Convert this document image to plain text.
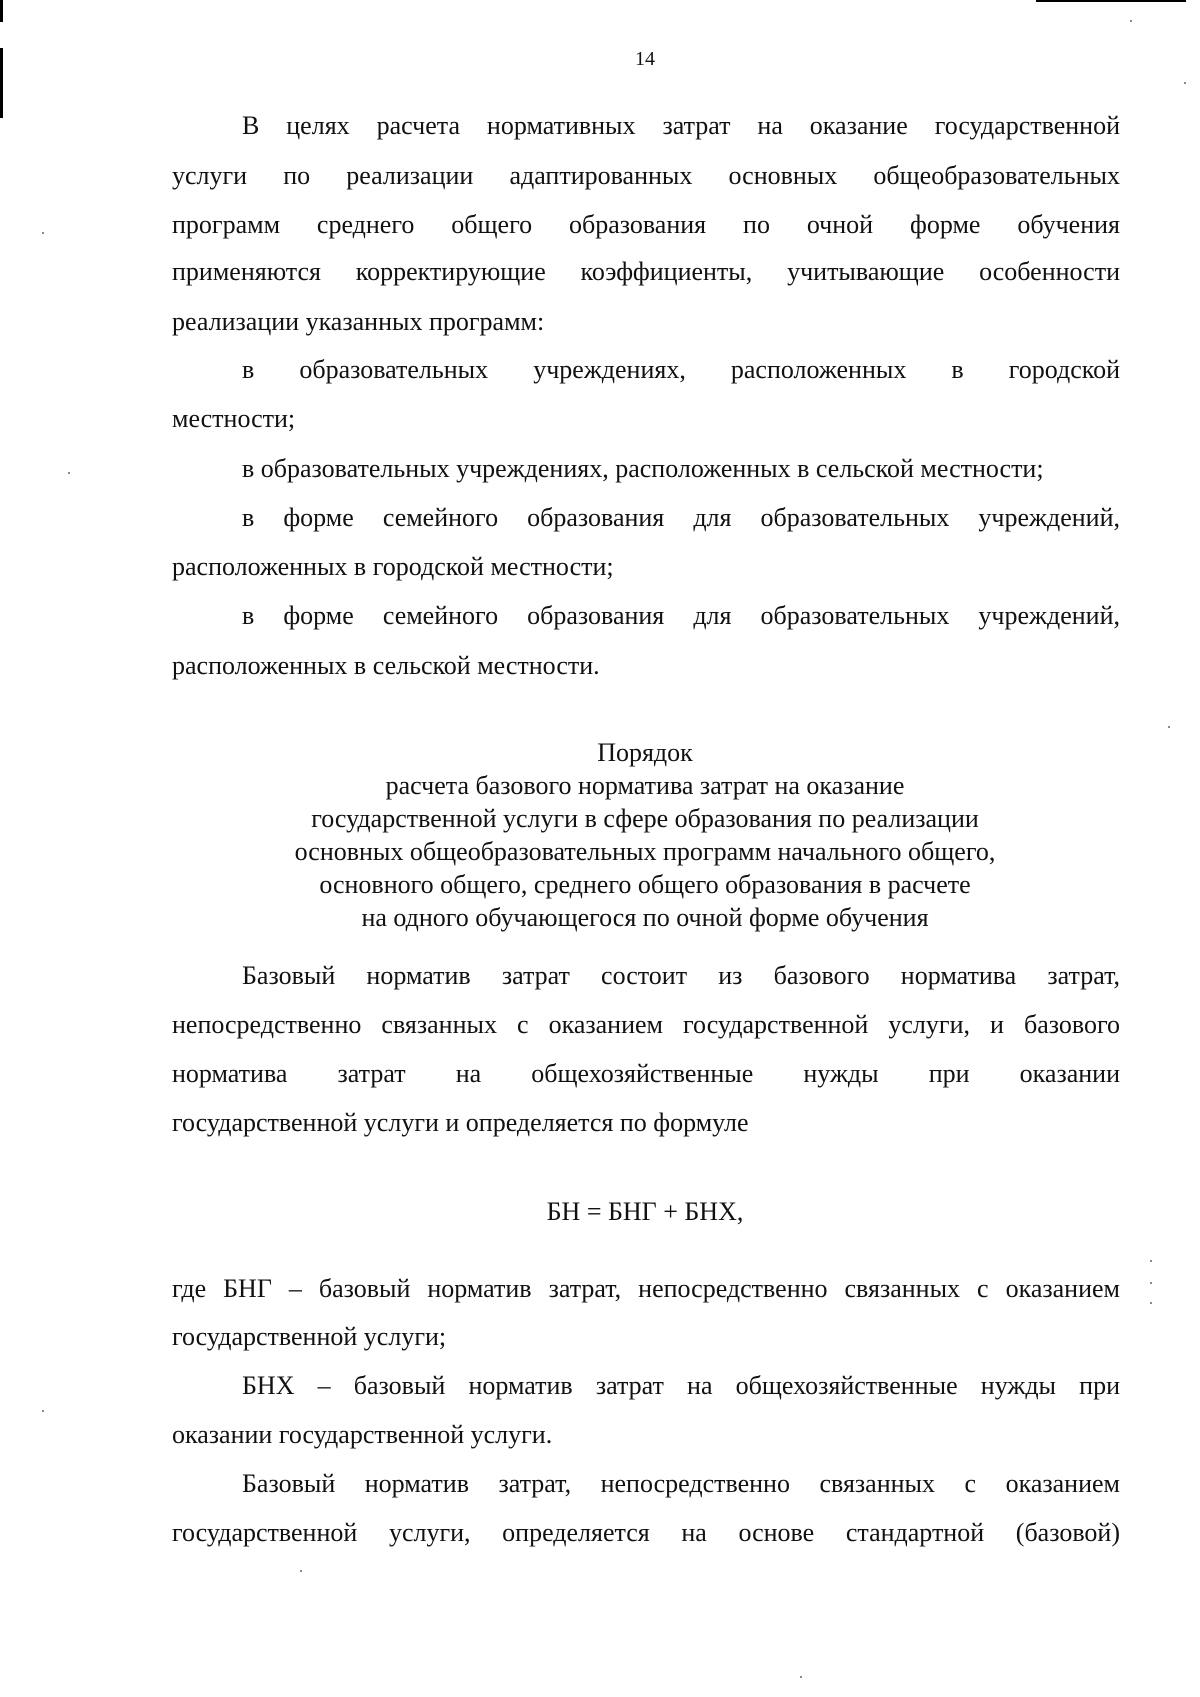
14
В целях расчета нормативных затрат на оказание государственной
услуги по реализации адаптированных основных общеобразовательных
программ среднего общего образования по очной форме обучения
применяются корректирующие коэффициенты, учитывающие особенности
реализации указанных программ:
в образовательных учреждениях, расположенных в городской
местности;
в образовательных учреждениях, расположенных в сельской местности;
в форме семейного образования для образовательных учреждений,
расположенных в городской местности;
в форме семейного образования для образовательных учреждений,
расположенных в сельской местности.
Порядок
расчета базового норматива затрат на оказание
государственной услуги в сфере образования по реализации
основных общеобразовательных программ начального общего,
основного общего, среднего общего образования в расчете
на одного обучающегося по очной форме обучения
Базовый норматив затрат состоит из базового норматива затрат,
непосредственно связанных с оказанием государственной услуги, и базового
норматива затрат на общехозяйственные нужды при оказании
государственной услуги и определяется по формуле
БН = БНГ + БНХ,
где БНГ – базовый норматив затрат, непосредственно связанных с оказанием
государственной услуги;
БНХ – базовый норматив затрат на общехозяйственные нужды при
оказании государственной услуги.
Базовый норматив затрат, непосредственно связанных с оказанием
государственной услуги, определяется на основе стандартной (базовой)
